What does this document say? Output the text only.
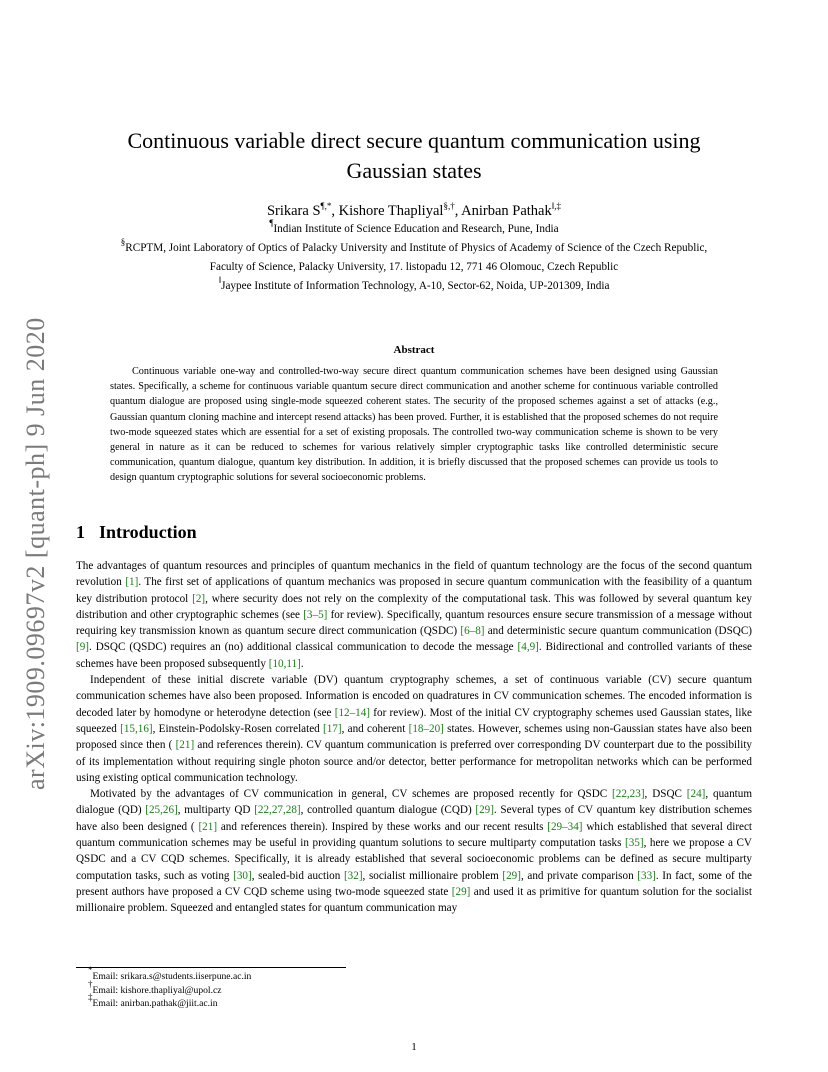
arXiv:1909.09697v2 [quant-ph] 9 Jun 2020
Continuous variable direct secure quantum communication using
Gaussian states
Srikara S¶,*, Kishore Thapliyal§,†, Anirban Pathak‖,‡
¶Indian Institute of Science Education and Research, Pune, India
§RCPTM, Joint Laboratory of Optics of Palacky University and Institute of Physics of Academy of Science of the Czech Republic,
Faculty of Science, Palacky University, 17. listopadu 12, 771 46 Olomouc, Czech Republic
‖Jaypee Institute of Information Technology, A-10, Sector-62, Noida, UP-201309, India
Abstract

Continuous variable one-way and controlled-two-way secure direct quantum communication schemes have been designed using Gaussian states. Specifically, a scheme for continuous variable quantum secure direct communication and another scheme for continuous variable controlled quantum dialogue are proposed using single-mode squeezed coherent states. The security of the proposed schemes against a set of attacks (e.g., Gaussian quantum cloning machine and intercept resend attacks) has been proved. Further, it is established that the proposed schemes do not require two-mode squeezed states which are essential for a set of existing proposals. The controlled two-way communication scheme is shown to be very general in nature as it can be reduced to schemes for various relatively simpler cryptographic tasks like controlled deterministic secure communication, quantum dialogue, quantum key distribution. In addition, it is briefly discussed that the proposed schemes can provide us tools to design quantum cryptographic solutions for several socioeconomic problems.

1 Introduction

The advantages of quantum resources and principles of quantum mechanics in the field of quantum technology are the focus of the second quantum revolution [1]. The first set of applications of quantum mechanics was proposed in secure quantum communication with the feasibility of a quantum key distribution protocol [2], where security does not rely on the complexity of the computational task. This was followed by several quantum key distribution and other cryptographic schemes (see [3–5] for review). Specifically, quantum resources ensure secure transmission of a message without requiring key transmission known as quantum secure direct communication (QSDC) [6–8] and deterministic secure quantum communication (DSQC) [9]. DSQC (QSDC) requires an (no) additional classical communication to decode the message [4,9]. Bidirectional and controlled variants of these schemes have been proposed subsequently [10,11].

Independent of these initial discrete variable (DV) quantum cryptography schemes, a set of continuous variable (CV) secure quantum communication schemes have also been proposed. Information is encoded on quadratures in CV communication schemes. The encoded information is decoded later by homodyne or heterodyne detection (see [12–14] for review). Most of the initial CV cryptography schemes used Gaussian states, like squeezed [15,16], Einstein-Podolsky-Rosen correlated [17], and coherent [18–20] states. However, schemes using non-Gaussian states have also been proposed since then ( [21] and references therein). CV quantum communication is preferred over corresponding DV counterpart due to the possibility of its implementation without requiring single photon source and/or detector, better performance for metropolitan networks which can be performed using existing optical communication technology.

Motivated by the advantages of CV communication in general, CV schemes are proposed recently for QSDC [22,23], DSQC [24], quantum dialogue (QD) [25,26], multiparty QD [22,27,28], controlled quantum dialogue (CQD) [29]. Several types of CV quantum key distribution schemes have also been designed ( [21] and references therein). Inspired by these works and our recent results [29–34] which established that several direct quantum communication schemes may be useful in providing quantum solutions to secure multiparty computation tasks [35], here we propose a CV QSDC and a CV CQD schemes. Specifically, it is already established that several socioeconomic problems can be defined as secure multiparty computation tasks, such as voting [30], sealed-bid auction [32], socialist millionaire problem [29], and private comparison [33]. In fact, some of the present authors have proposed a CV CQD scheme using two-mode squeezed state [29] and used it as primitive for quantum solution for the socialist millionaire problem. Squeezed and entangled states for quantum communication may

*Email: srikara.s@students.iiserpune.ac.in
†Email: kishore.thapliyal@upol.cz
‡Email: anirban.pathak@jiit.ac.in
1
